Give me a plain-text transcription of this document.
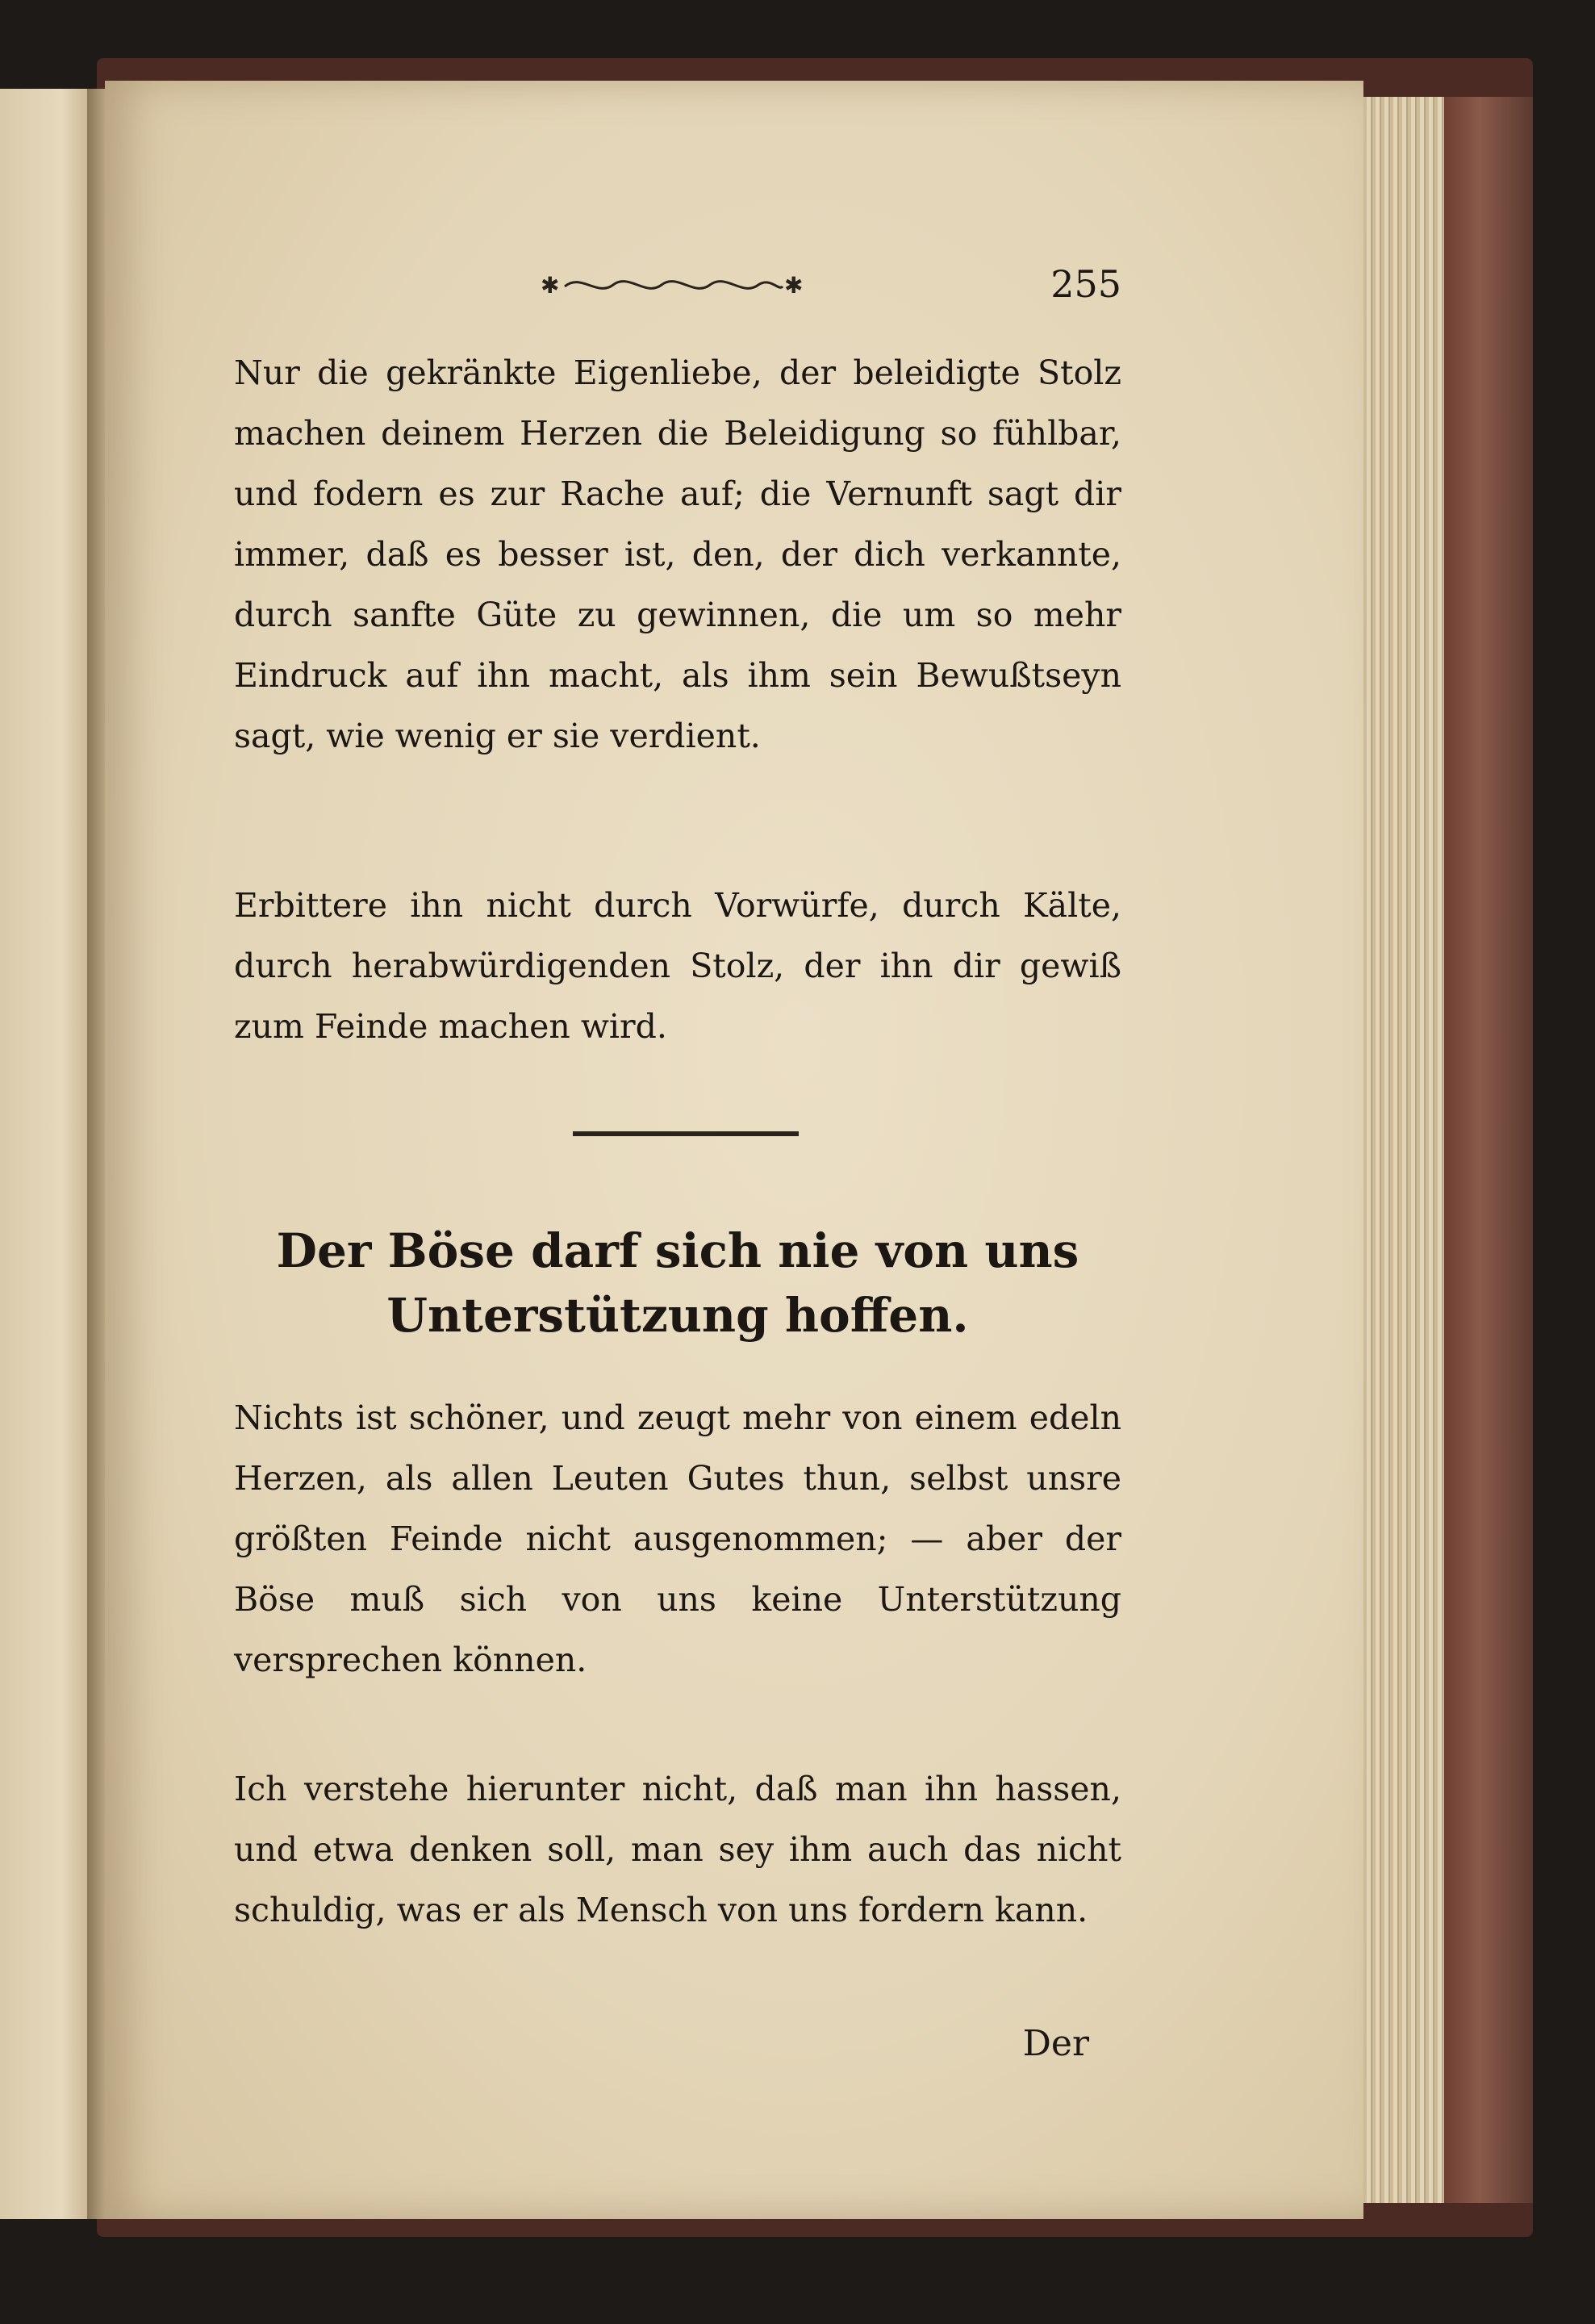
✱	✱	255

Nur die gekränkte Eigenliebe, der beleidigte Stolz machen deinem Herzen die Beleidigung so fühlbar, und fodern es zur Rache auf; die Vernunft sagt dir immer, daß es besser ist, den, der dich verkannte, durch sanfte Güte zu gewinnen, die um so mehr Eindruck auf ihn macht, als ihm sein Bewußtseyn sagt, wie wenig er sie verdient.

Erbittere ihn nicht durch Vorwürfe, durch Kälte, durch herabwürdigenden Stolz, der ihn dir gewiß zum Feinde machen wird.

Der Böse darf sich nie von uns Unterstützung hoffen.

Nichts ist schöner, und zeugt mehr von einem edeln Herzen, als allen Leuten Gutes thun, selbst unsre größten Feinde nicht ausgenommen; — aber der Böse muß sich von uns keine Unterstützung versprechen können.

Ich verstehe hierunter nicht, daß man ihn hassen, und etwa denken soll, man sey ihm auch das nicht schuldig, was er als Mensch von uns fordern kann.

Der
